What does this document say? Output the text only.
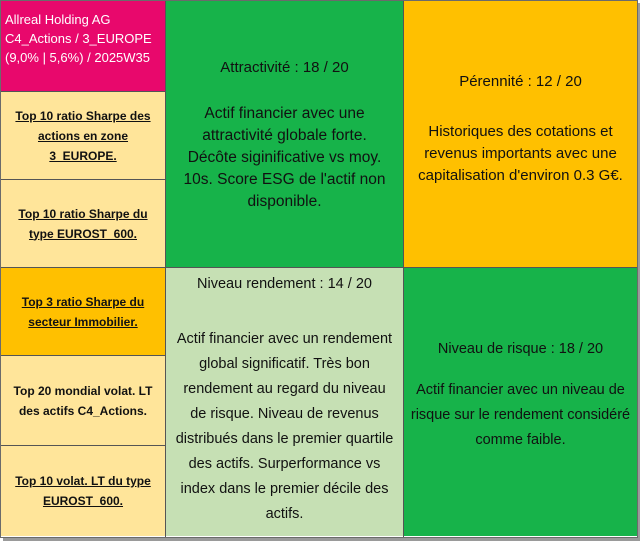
Allreal Holding AG
C4_Actions / 3_EUROPE
(9,0% | 5,6%) / 2025W35
Top 10 ratio Sharpe des actions en zone 3_EUROPE.
Top 10 ratio Sharpe du type EUROST_600.
Top 3 ratio Sharpe du secteur Immobilier.
Top 20 mondial volat. LT des actifs C4_Actions.
Top 10 volat. LT du type EUROST_600.
Attractivité : 18 / 20
Actif financier avec une attractivité globale forte. Décôte siginificative vs moy. 10s. Score ESG de l'actif non disponible.
Pérennité : 12 / 20
Historiques des cotations et revenus importants avec une capitalisation d'environ 0.3 G€.
Niveau rendement : 14 / 20
Actif financier avec un rendement global significatif. Très bon rendement au regard du niveau de risque. Niveau de revenus distribués dans le premier quartile des actifs. Surperformance vs index dans le premier décile des actifs.
Niveau de risque : 18 / 20
Actif financier avec un niveau de risque sur le rendement considéré comme faible.
